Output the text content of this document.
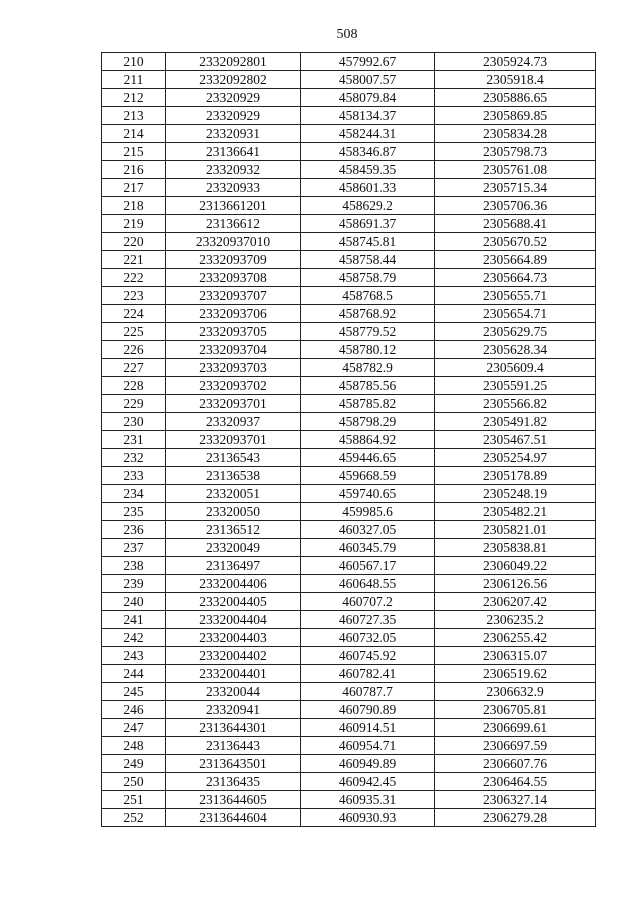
508
210	2332092801	457992.67	2305924.73
211	2332092802	458007.57	2305918.4
212	23320929	458079.84	2305886.65
213	23320929	458134.37	2305869.85
214	23320931	458244.31	2305834.28
215	23136641	458346.87	2305798.73
216	23320932	458459.35	2305761.08
217	23320933	458601.33	2305715.34
218	2313661201	458629.2	2305706.36
219	23136612	458691.37	2305688.41
220	23320937010	458745.81	2305670.52
221	2332093709	458758.44	2305664.89
222	2332093708	458758.79	2305664.73
223	2332093707	458768.5	2305655.71
224	2332093706	458768.92	2305654.71
225	2332093705	458779.52	2305629.75
226	2332093704	458780.12	2305628.34
227	2332093703	458782.9	2305609.4
228	2332093702	458785.56	2305591.25
229	2332093701	458785.82	2305566.82
230	23320937	458798.29	2305491.82
231	2332093701	458864.92	2305467.51
232	23136543	459446.65	2305254.97
233	23136538	459668.59	2305178.89
234	23320051	459740.65	2305248.19
235	23320050	459985.6	2305482.21
236	23136512	460327.05	2305821.01
237	23320049	460345.79	2305838.81
238	23136497	460567.17	2306049.22
239	2332004406	460648.55	2306126.56
240	2332004405	460707.2	2306207.42
241	2332004404	460727.35	2306235.2
242	2332004403	460732.05	2306255.42
243	2332004402	460745.92	2306315.07
244	2332004401	460782.41	2306519.62
245	23320044	460787.7	2306632.9
246	23320941	460790.89	2306705.81
247	2313644301	460914.51	2306699.61
248	23136443	460954.71	2306697.59
249	2313643501	460949.89	2306607.76
250	23136435	460942.45	2306464.55
251	2313644605	460935.31	2306327.14
252	2313644604	460930.93	2306279.28
